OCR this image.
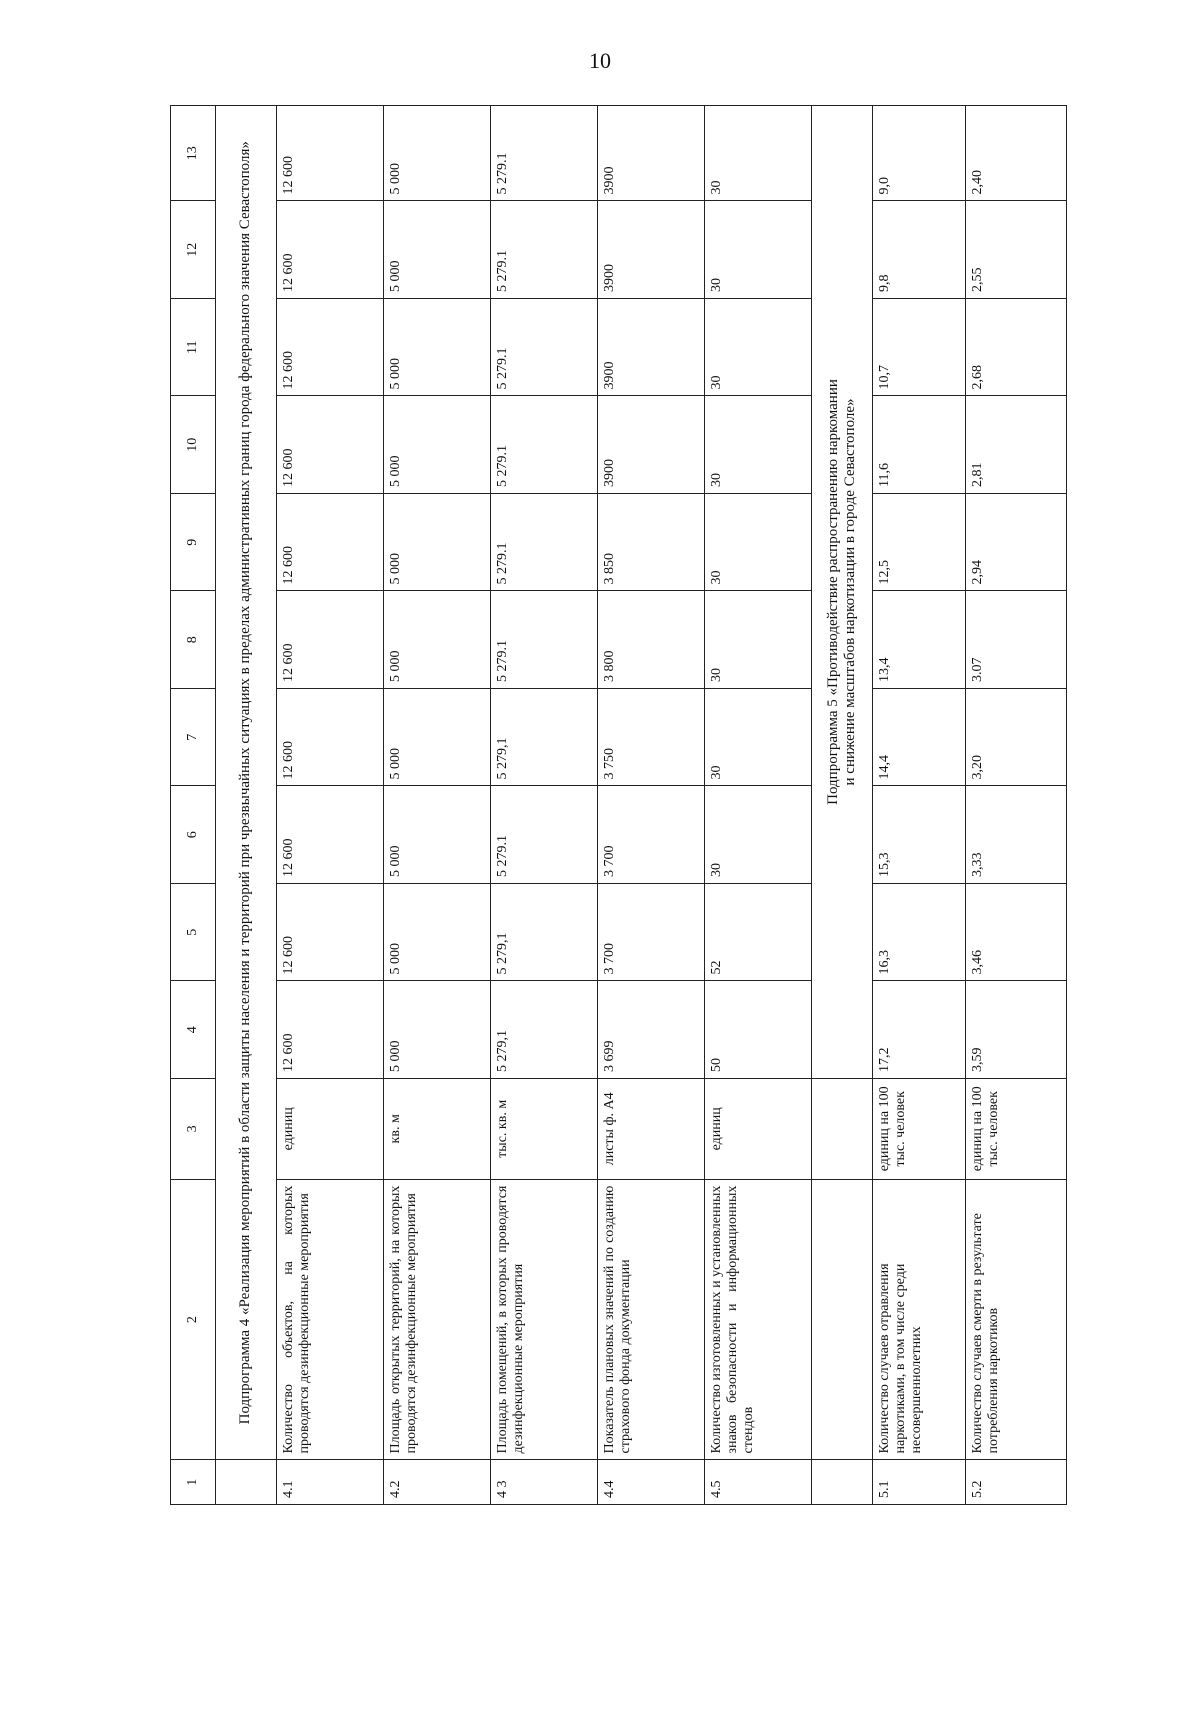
10
1	2	3	4	5	6	7	8	9	10	11	12	13
	Подпрограмма 4 «Реализация мероприятий в области защиты населения и территорий при чрезвычайных ситуациях в пределах административных границ города федерального значения Севастополя»											
4.1	Количество объектов, на которых проводятся дезинфекционные мероприятия	единиц	12 600	12 600	12 600	12 600	12 600	12 600	12 600	12 600	12 600	12 600
4.2	Площадь открытых территорий, на которых проводятся дезинфекционные мероприятия	кв. м	5 000	5 000	5 000	5 000	5 000	5 000	5 000	5 000	5 000	5 000
4 3	Площадь помещений, в которых проводятся дезинфекционные мероприятия	тыс. кв. м	5 279,1	5 279,1	5 279.1	5 279,1	5 279.1	5 279.1	5 279.1	5 279.1	5 279.1	5 279.1
4.4	Показатель плановых значений по созданию страхового фонда документации	листы ф. А4	3 699	3 700	3 700	3 750	3 800	3 850	3900	3900	3900	3900
4.5	Количество изготовленных и установленных знаков безопасности и информационных стендов	единиц	50	52	30	30	30	30	30	30	30	30

			Подпрограмма 5 «Противодействие распространению наркомании и снижение масштабов наркотизации в городе Севастополе»									

5.1	Количество случаев отравления наркотиками, в том числе среди несовершеннолетних	единиц на 100 тыс. человек	17,2	16,3	15,3	14,4	13,4	12,5	11,6	10,7	9,8	9,0
5.2	Количество случаев смерти в результате потребления наркотиков	единиц на 100 тыс. человек	3,59	3,46	3,33	3,20	3.07	2,94	2,81	2,68	2,55	2,40
